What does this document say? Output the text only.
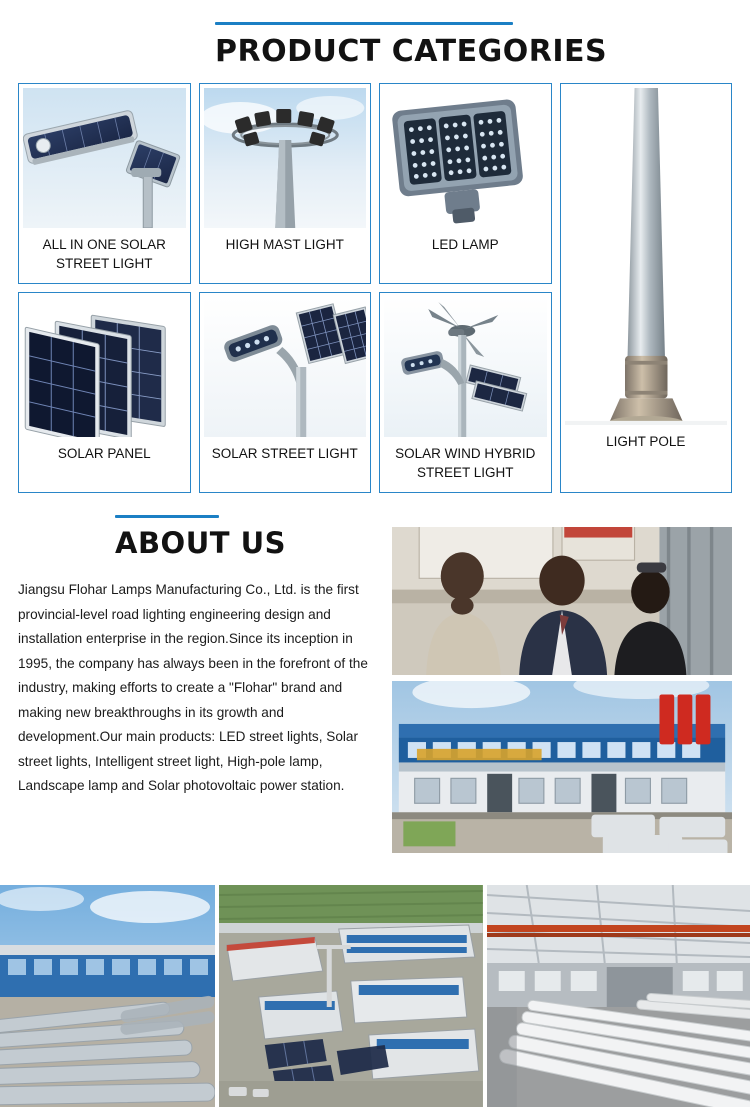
PRODUCT CATEGORIES
ALL IN ONE SOLAR STREET LIGHT
HIGH MAST LIGHT	LED LAMP
LIGHT POLE
SOLAR PANEL	SOLAR STREET LIGHT	SOLAR WIND HYBRID STREET LIGHT
ABOUT US
Jiangsu Flohar Lamps Manufacturing Co., Ltd. is the first provincial-level road lighting engineering design and installation enterprise in the region.Since its inception in 1995, the company has always been in the forefront of the industry, making efforts to create a "Flohar" brand and making new breakthroughs in its growth and development.Our main products: LED street lights, Solar street lights, Intelligent street light, High-pole lamp, Landscape lamp and Solar photovoltaic power station.
